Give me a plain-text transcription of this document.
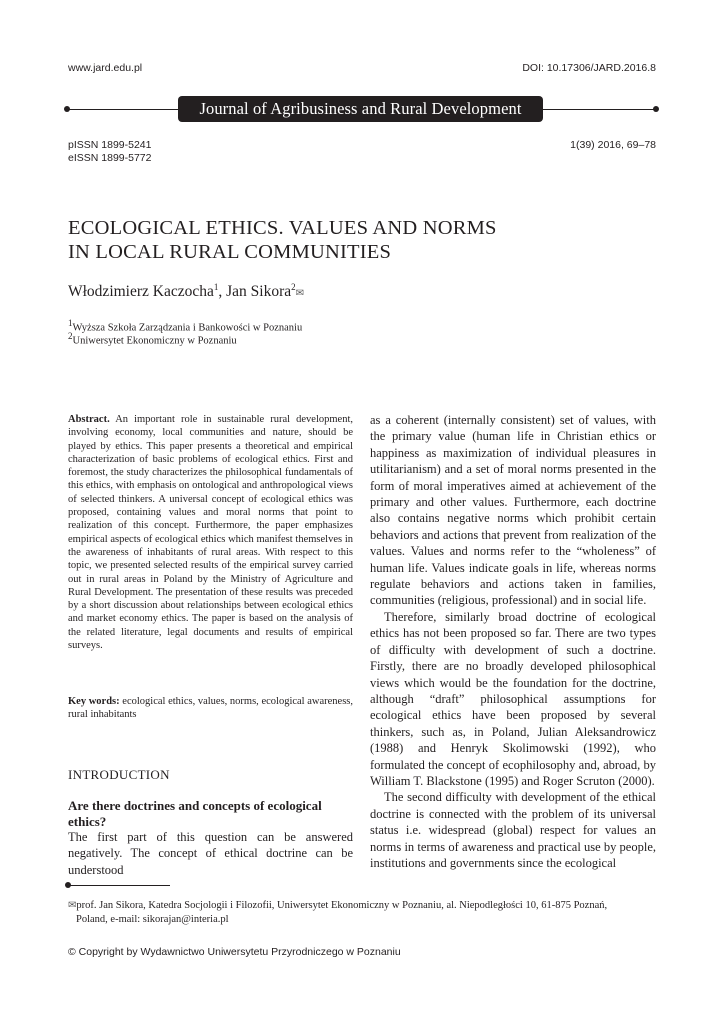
www.jard.edu.pl	DOI: 10.17306/JARD.2016.8
Journal of Agribusiness and Rural Development
pISSN 1899-5241
eISSN 1899-5772
1(39) 2016, 69–78
ECOLOGICAL ETHICS. VALUES AND NORMS
IN LOCAL RURAL COMMUNITIES
Włodzimierz Kaczocha$^1$, Jan Sikora$^2$✉
$^1$Wyższa Szkoła Zarządzania i Bankowości w Poznaniu
$^2$Uniwersytet Ekonomiczny w Poznaniu
Abstract. An important role in sustainable rural development, involving economy, local communities and nature, should be played by ethics. This paper presents a theoretical and empirical characterization of basic problems of ecological ethics. First and foremost, the study characterizes the philosophical fundamentals of this ethics, with emphasis on ontological and anthropological views of selected thinkers. A universal concept of ecological ethics was proposed, containing values and moral norms that point to realization of this concept. Furthermore, the paper emphasizes empirical aspects of ecological ethics which manifest themselves in the awareness of inhabitants of rural areas. With respect to this topic, we presented selected results of the empirical survey carried out in rural areas in Poland by the Ministry of Agriculture and Rural Development. The presentation of these results was preceded by a short discussion about relationships between ecological ethics and market economy ethics. The paper is based on the analysis of the related literature, legal documents and results of empirical surveys.
Key words: ecological ethics, values, norms, ecological awareness, rural inhabitants
INTRODUCTION
Are there doctrines and concepts of ecological ethics?
The first part of this question can be answered negatively. The concept of ethical doctrine can be understood

as a coherent (internally consistent) set of values, with the primary value (human life in Christian ethics or happiness as maximization of individual pleasures in utilitarianism) and a set of moral norms presented in the form of moral imperatives aimed at achievement of the primary and other values. Furthermore, each doctrine also contains negative norms which prohibit certain behaviors and actions that prevent from realization of the values. Values and norms refer to the “wholeness” of human life. Values indicate goals in life, whereas norms regulate behaviors and actions taken in families, communities (religious, professional) and in social life.

Therefore, similarly broad doctrine of ecological ethics has not been proposed so far. There are two types of difficulty with development of such a doctrine. Firstly, there are no broadly developed philosophical views which would be the foundation for the doctrine, although “draft” philosophical assumptions for ecological ethics have been proposed by several thinkers, such as, in Poland, Julian Aleksandrowicz (1988) and Henryk Skolimowski (1992), who formulated the concept of ecophilosophy and, abroad, by William T. Blackstone (1995) and Roger Scruton (2000).

The second difficulty with development of the ethical doctrine is connected with the problem of its universal status i.e. widespread (global) respect for values an norms in terms of awareness and practical use by people, institutions and governments since the ecological

✉prof. Jan Sikora, Katedra Socjologii i Filozofii, Uniwersytet Ekonomiczny w Poznaniu, al. Niepodległości 10, 61-875 Poznań,
Poland, e-mail: sikorajan@interia.pl
© Copyright by Wydawnictwo Uniwersytetu Przyrodniczego w Poznaniu
